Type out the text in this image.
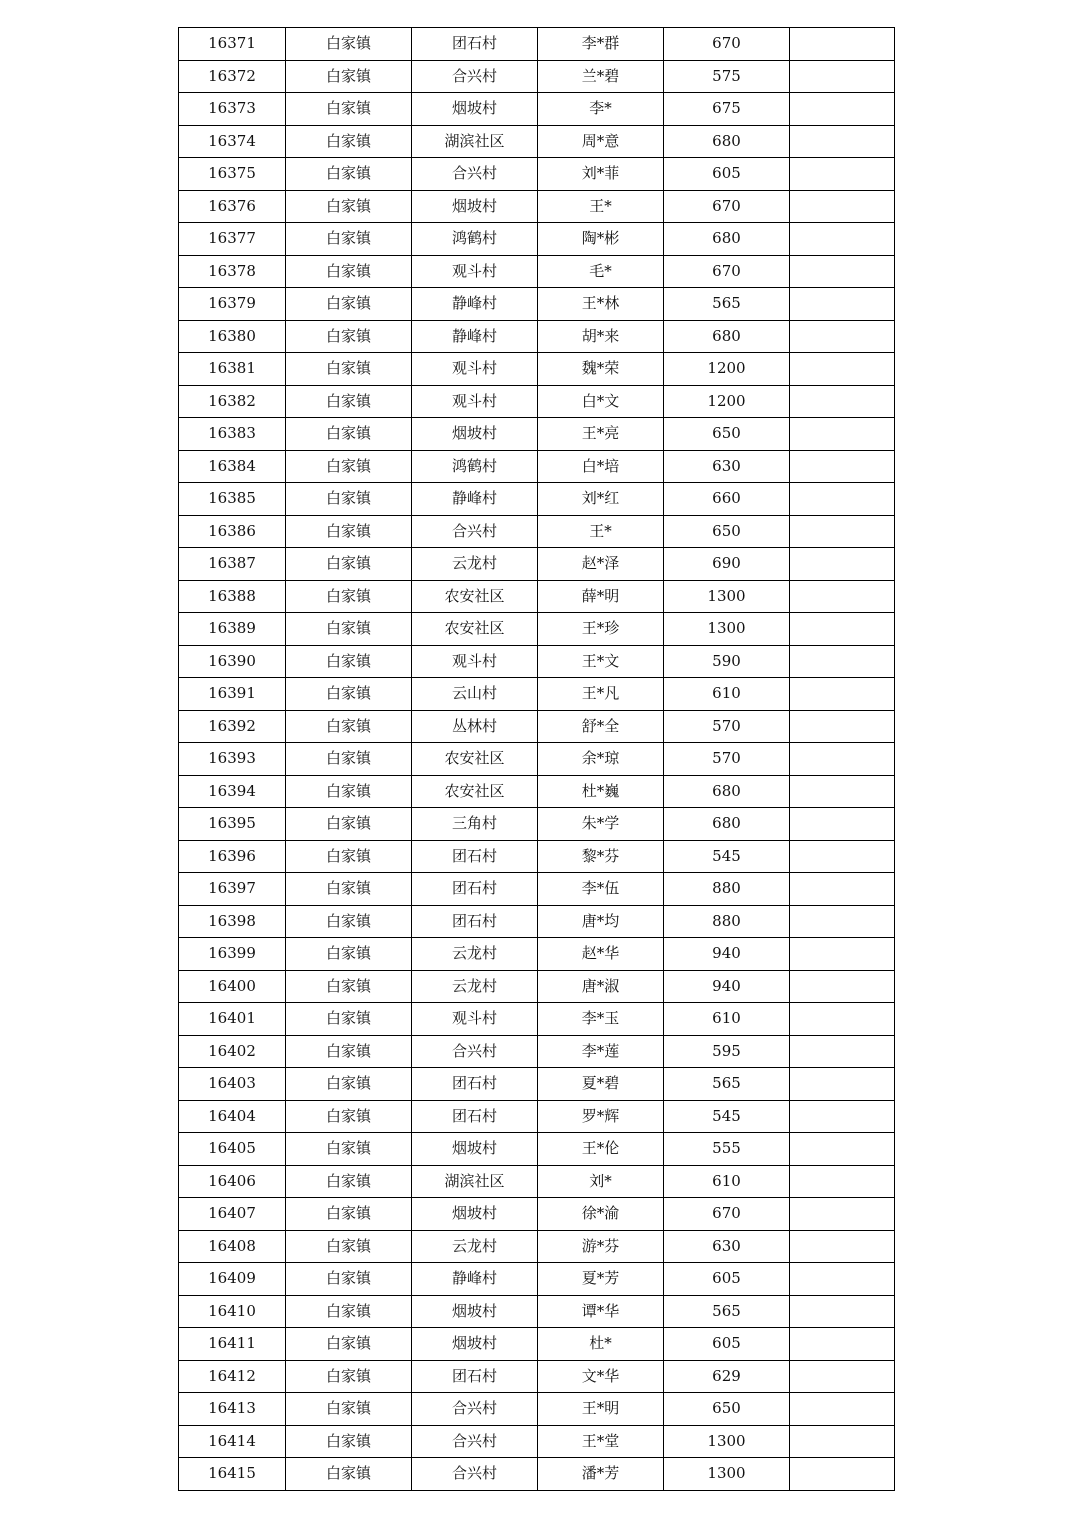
16371	白家镇	团石村	李*群	670	
16372	白家镇	合兴村	兰*碧	575	
16373	白家镇	烟坡村	李*	675	
16374	白家镇	湖滨社区	周*意	680	
16375	白家镇	合兴村	刘*菲	605	
16376	白家镇	烟坡村	王*	670	
16377	白家镇	鸿鹤村	陶*彬	680	
16378	白家镇	观斗村	毛*	670	
16379	白家镇	静峰村	王*林	565	
16380	白家镇	静峰村	胡*来	680	
16381	白家镇	观斗村	魏*荣	1200	
16382	白家镇	观斗村	白*文	1200	
16383	白家镇	烟坡村	王*亮	650	
16384	白家镇	鸿鹤村	白*培	630	
16385	白家镇	静峰村	刘*红	660	
16386	白家镇	合兴村	王*	650	
16387	白家镇	云龙村	赵*泽	690	
16388	白家镇	农安社区	薛*明	1300	
16389	白家镇	农安社区	王*珍	1300	
16390	白家镇	观斗村	王*文	590	
16391	白家镇	云山村	王*凡	610	
16392	白家镇	丛林村	舒*全	570	
16393	白家镇	农安社区	余*琼	570	
16394	白家镇	农安社区	杜*巍	680	
16395	白家镇	三角村	朱*学	680	
16396	白家镇	团石村	黎*芬	545	
16397	白家镇	团石村	李*伍	880	
16398	白家镇	团石村	唐*均	880	
16399	白家镇	云龙村	赵*华	940	
16400	白家镇	云龙村	唐*淑	940	
16401	白家镇	观斗村	李*玉	610	
16402	白家镇	合兴村	李*莲	595	
16403	白家镇	团石村	夏*碧	565	
16404	白家镇	团石村	罗*辉	545	
16405	白家镇	烟坡村	王*伦	555	
16406	白家镇	湖滨社区	刘*	610	
16407	白家镇	烟坡村	徐*渝	670	
16408	白家镇	云龙村	游*芬	630	
16409	白家镇	静峰村	夏*芳	605	
16410	白家镇	烟坡村	谭*华	565	
16411	白家镇	烟坡村	杜*	605	
16412	白家镇	团石村	文*华	629	
16413	白家镇	合兴村	王*明	650	
16414	白家镇	合兴村	王*堂	1300	
16415	白家镇	合兴村	潘*芳	1300	
